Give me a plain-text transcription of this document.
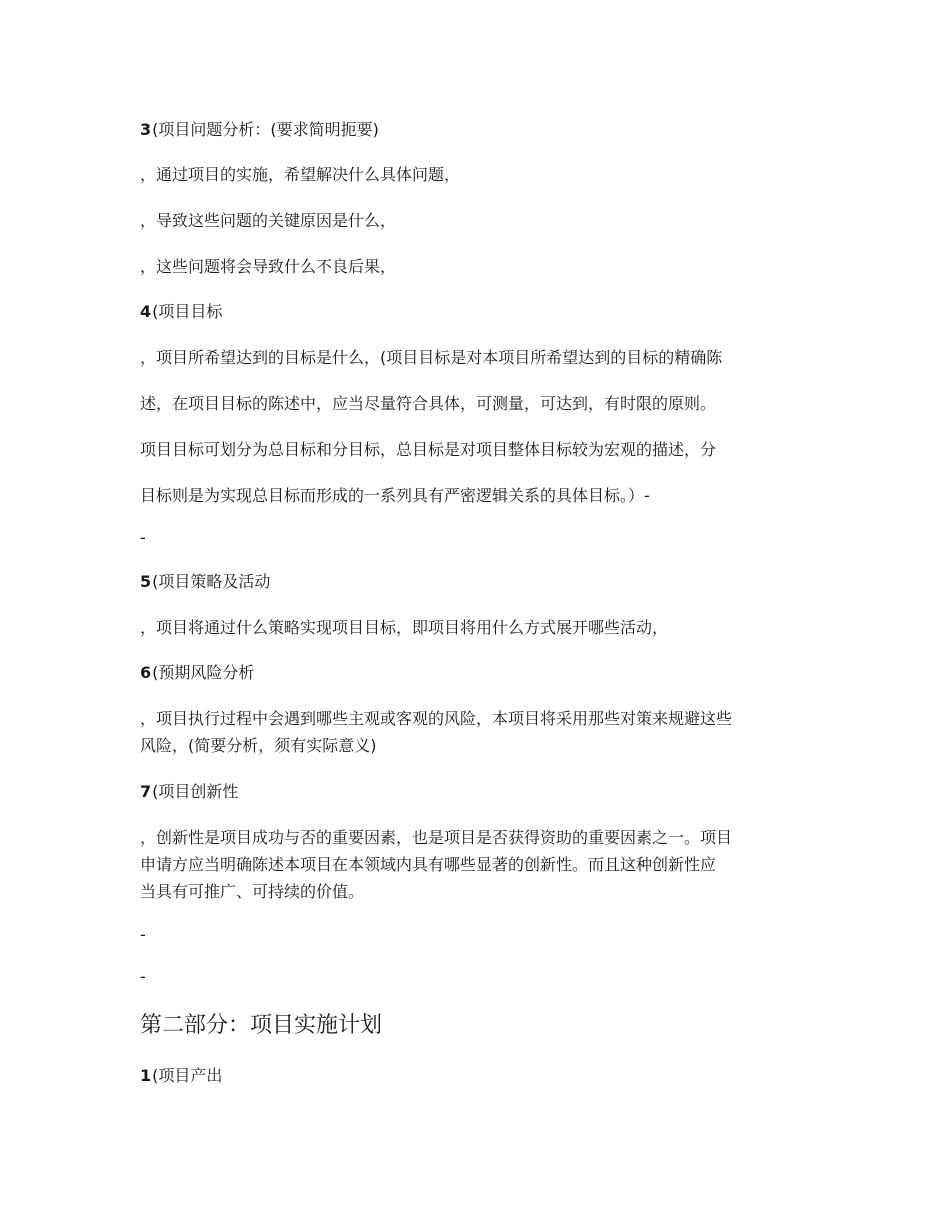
3(项目问题分析：(要求简明扼要)
，通过项目的实施，希望解决什么具体问题，
，导致这些问题的关键原因是什么，
，这些问题将会导致什么不良后果，
4(项目目标
，项目所希望达到的目标是什么，(项目目标是对本项目所希望达到的目标的精确陈
述，在项目目标的陈述中，应当尽量符合具体，可测量，可达到，有时限的原则。
项目目标可划分为总目标和分目标，总目标是对项目整体目标较为宏观的描述，分
目标则是为实现总目标而形成的一系列具有严密逻辑关系的具体目标。）-
-
5(项目策略及活动
，项目将通过什么策略实现项目目标，即项目将用什么方式展开哪些活动，
6(预期风险分析
，项目执行过程中会遇到哪些主观或客观的风险，本项目将采用那些对策来规避这些
风险，(简要分析，须有实际意义)
7(项目创新性
，创新性是项目成功与否的重要因素，也是项目是否获得资助的重要因素之一。项目
申请方应当明确陈述本项目在本领域内具有哪些显著的创新性。而且这种创新性应
当具有可推广、可持续的价值。
-
-
第二部分：项目实施计划
1(项目产出
